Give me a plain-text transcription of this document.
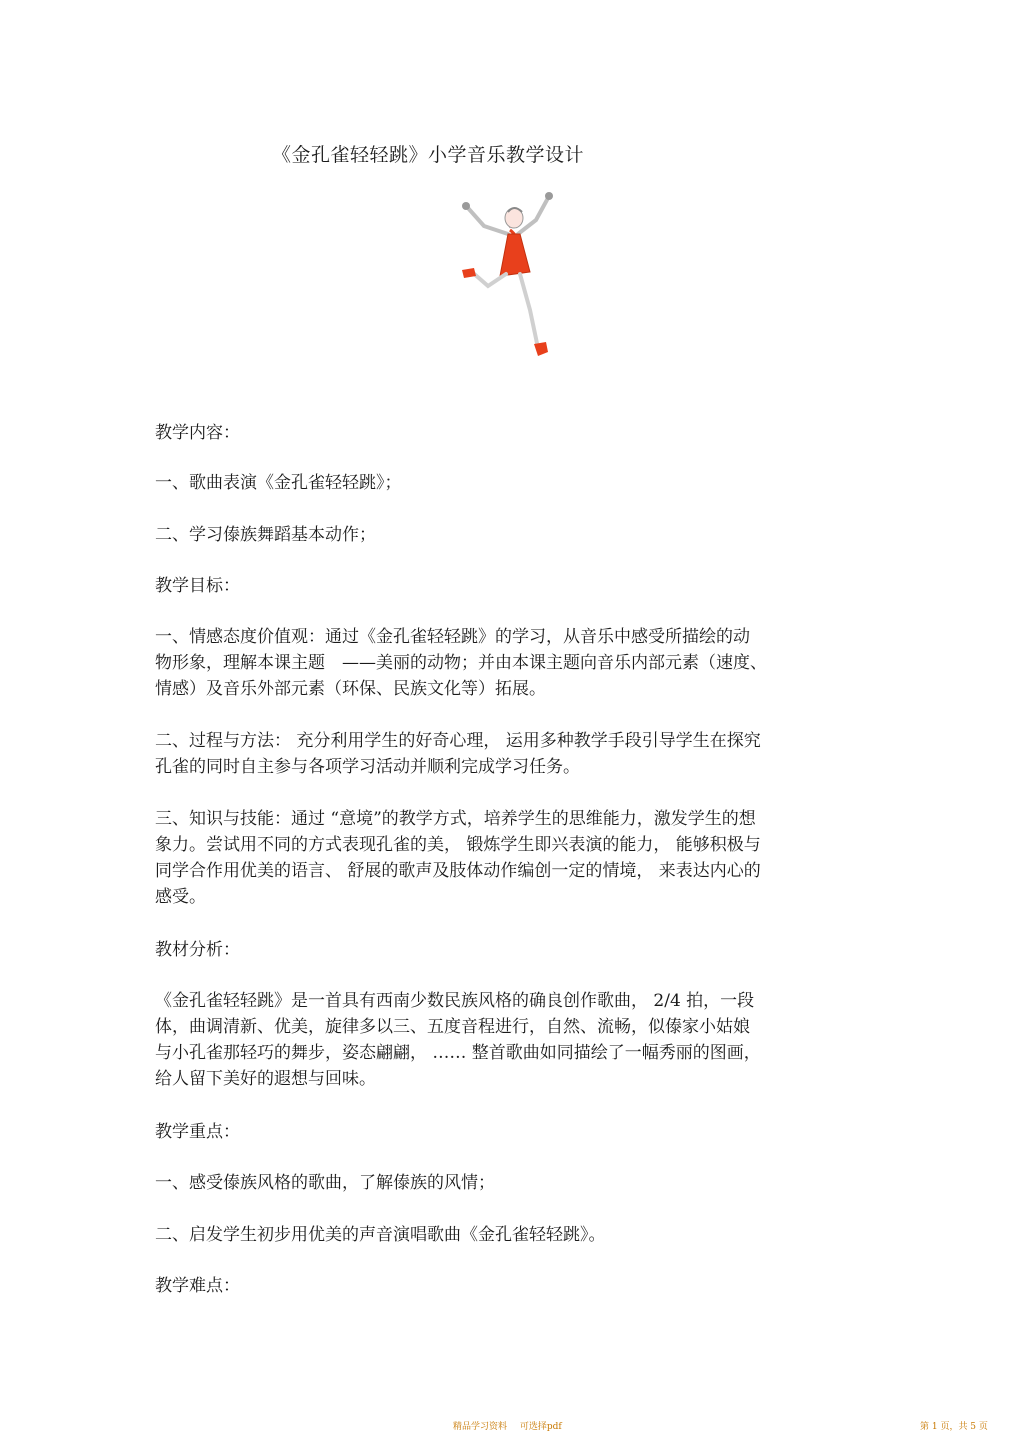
《金孔雀轻轻跳》小学音乐教学设计
教学内容：
一、歌曲表演《金孔雀轻轻跳》；
二、学习傣族舞蹈基本动作；
教学目标：
一、情感态度价值观：通过《金孔雀轻轻跳》的学习，从音乐中感受所描绘的动
物形象，理解本课主题　——美丽的动物；并由本课主题向音乐内部元素（速度、
情感）及音乐外部元素（环保、民族文化等）拓展。
二、过程与方法： 充分利用学生的好奇心理， 运用多种教学手段引导学生在探究
孔雀的同时自主参与各项学习活动并顺利完成学习任务。
三、知识与技能：通过 “意境”的教学方式，培养学生的思维能力，激发学生的想
象力。尝试用不同的方式表现孔雀的美， 锻炼学生即兴表演的能力， 能够积极与
同学合作用优美的语言、 舒展的歌声及肢体动作编创一定的情境， 来表达内心的
感受。
教材分析：
《金孔雀轻轻跳》是一首具有西南少数民族风格的确良创作歌曲， 2/4 拍，一段
体，曲调清新、优美，旋律多以三、五度音程进行，自然、流畅，似傣家小姑娘
与小孔雀那轻巧的舞步，姿态翩翩， …… 整首歌曲如同描绘了一幅秀丽的图画，
给人留下美好的遐想与回味。
教学重点：
一、感受傣族风格的歌曲，了解傣族的风情；
二、启发学生初步用优美的声音演唱歌曲《金孔雀轻轻跳》。
教学难点：
精品学习资料 可选择pdf	第 1 页，共 5 页
